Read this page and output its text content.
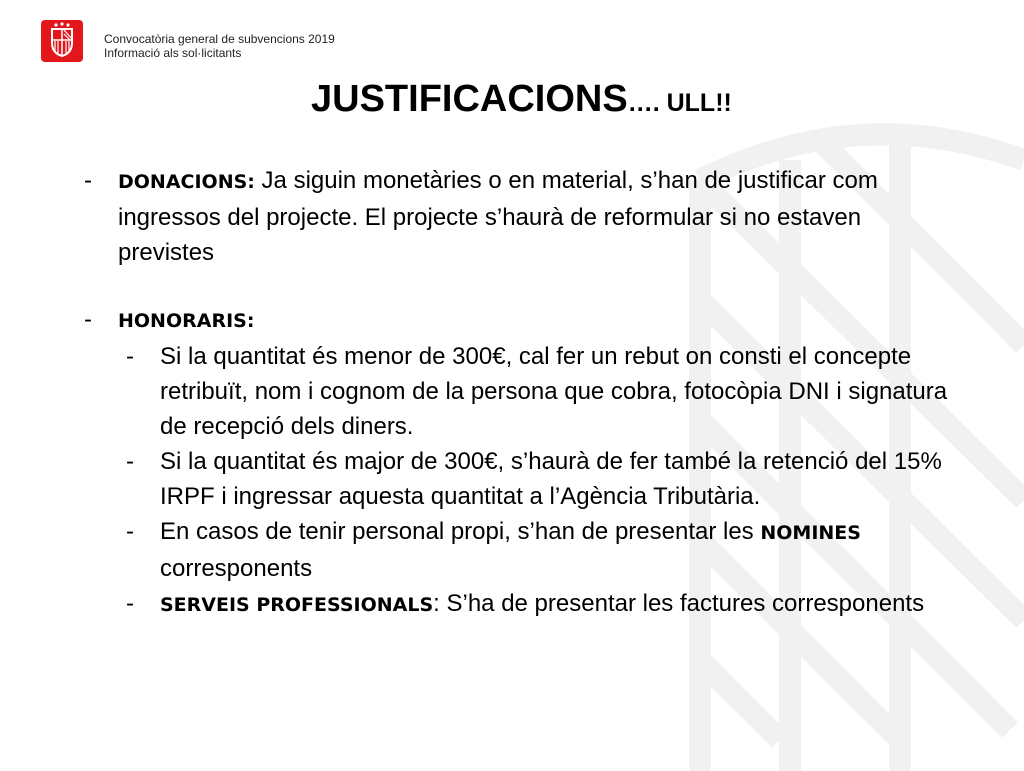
Convocatòria general de subvencions 2019
Informació als sol·licitants
JUSTIFICACIONS…. ULL!!
- DONACIONS: Ja siguin monetàries o en material, s’han de justificar com ingressos del projecte. El projecte s’haurà de reformular si no estaven previstes
- HONORARIS:
- Si la quantitat és menor de 300€, cal fer un rebut on consti el concepte retribuït, nom i cognom de la persona que cobra, fotocòpia DNI i signatura de recepció dels diners.
- Si la quantitat és major de 300€, s’haurà de fer també la retenció del 15% IRPF i ingressar aquesta quantitat a l’Agència Tributària.
- En casos de tenir personal propi, s’han de presentar les NOMINES corresponents
- SERVEIS PROFESSIONALS: S’ha de presentar les factures corresponents
